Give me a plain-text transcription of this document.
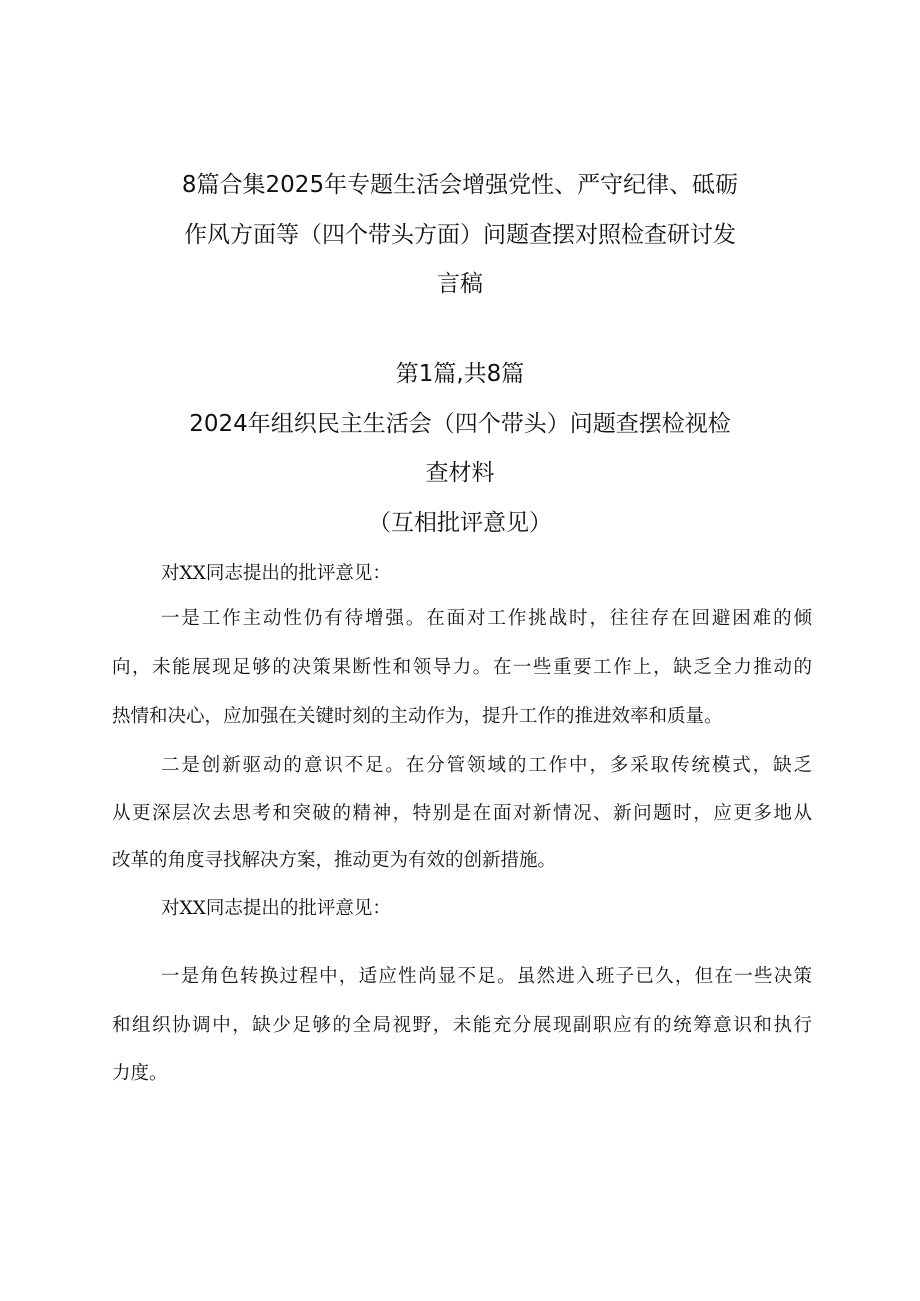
8篇合集2025年专题生活会增强党性、严守纪律、砥砺
作风方面等（四个带头方面）问题查摆对照检查研讨发
言稿
第1篇,共8篇
2024年组织民主生活会（四个带头）问题查摆检视检
查材料
（互相批评意见）
对XX同志提出的批评意见：
一是工作主动性仍有待增强。在面对工作挑战时，往往存在回避困难的倾
向，未能展现足够的决策果断性和领导力。在一些重要工作上，缺乏全力推动的
热情和决心，应加强在关键时刻的主动作为，提升工作的推进效率和质量。
二是创新驱动的意识不足。在分管领域的工作中，多采取传统模式，缺乏
从更深层次去思考和突破的精神，特别是在面对新情况、新问题时，应更多地从
改革的角度寻找解决方案，推动更为有效的创新措施。
对XX同志提出的批评意见：
一是角色转换过程中，适应性尚显不足。虽然进入班子已久，但在一些决策
和组织协调中，缺少足够的全局视野，未能充分展现副职应有的统筹意识和执行
力度。
